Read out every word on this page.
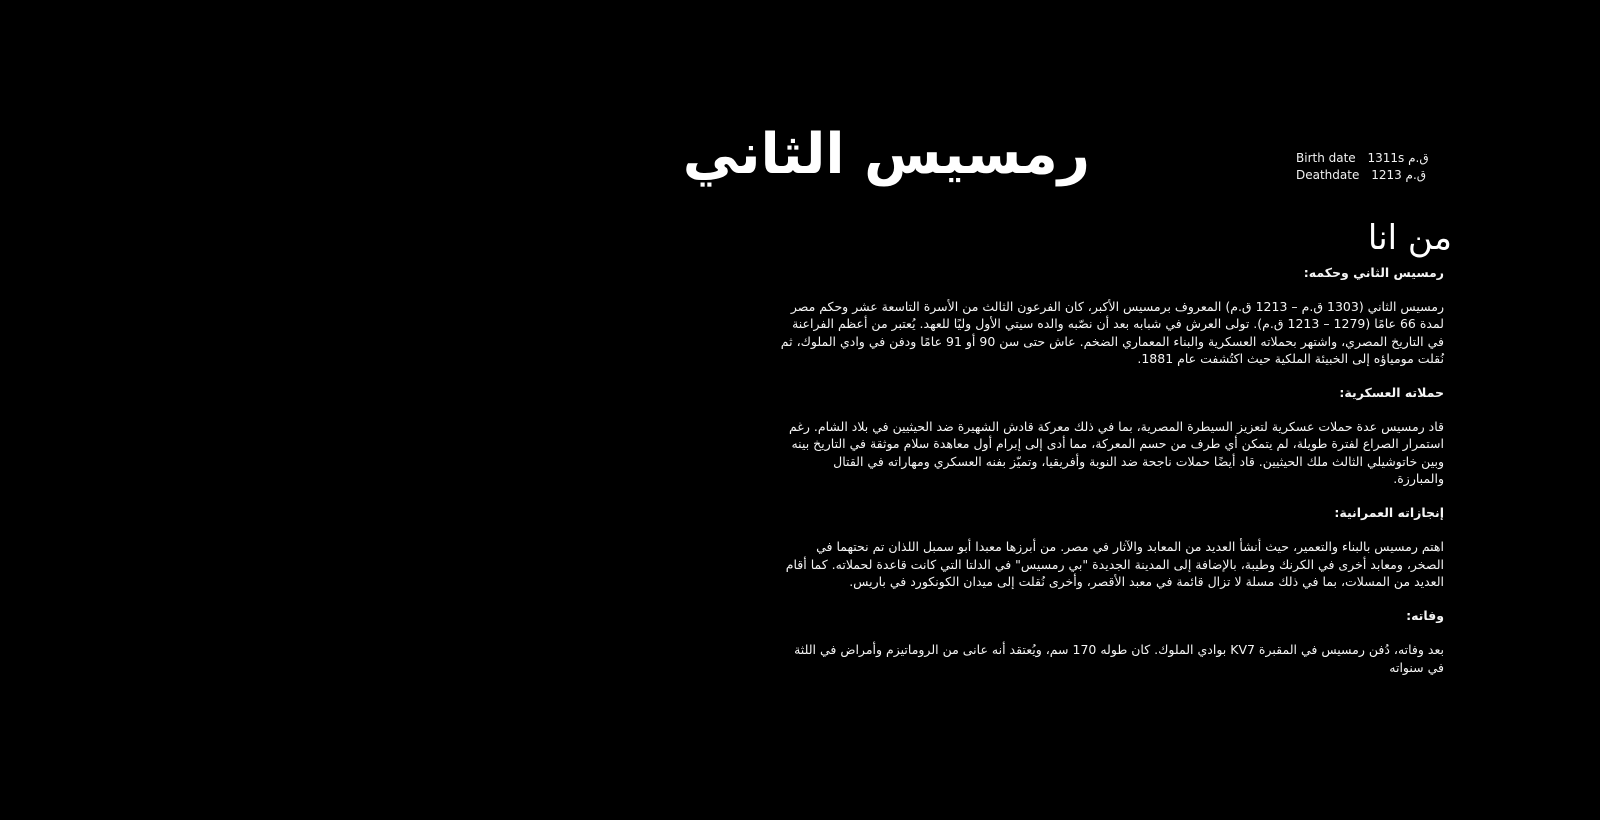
رمسيس الثاني	Birth date 1311s ق.م
Deathdate 1213 ق.م
من انا
رمسيس الثاني وحكمه:

رمسيس الثاني (1303 ق.م – 1213 ق.م) المعروف برمسيس الأكبر، كان الفرعون الثالث من الأسرة التاسعة عشر وحكم مصر لمدة 66 عامًا (1279 – 1213 ق.م). تولى العرش في شبابه بعد أن نصّبه والده سيتي الأول وليًا للعهد. يُعتبر من أعظم الفراعنة في التاريخ المصري، واشتهر بحملاته العسكرية والبناء المعماري الضخم. عاش حتى سن 90 أو 91 عامًا ودفن في وادي الملوك، ثم نُقلت مومياؤه إلى الخبيئة الملكية حيث اكتُشفت عام 1881.

حملاته العسكرية:

قاد رمسيس عدة حملات عسكرية لتعزيز السيطرة المصرية، بما في ذلك معركة قادش الشهيرة ضد الحيثيين في بلاد الشام. رغم استمرار الصراع لفترة طويلة، لم يتمكن أي طرف من حسم المعركة، مما أدى إلى إبرام أول معاهدة سلام موثقة في التاريخ بينه وبين خاتوشيلي الثالث ملك الحيثيين. قاد أيضًا حملات ناجحة ضد النوبة وأفريقيا، وتميّز بفنه العسكري ومهاراته في القتال والمبارزة.

إنجازاته العمرانية:

اهتم رمسيس بالبناء والتعمير، حيث أنشأ العديد من المعابد والآثار في مصر. من أبرزها معبدا أبو سمبل اللذان تم نحتهما في الصخر، ومعابد أخرى في الكرنك وطيبة، بالإضافة إلى المدينة الجديدة "بي رمسيس" في الدلتا التي كانت قاعدة لحملاته. كما أقام العديد من المسلات، بما في ذلك مسلة لا تزال قائمة في معبد الأقصر، وأخرى نُقلت إلى ميدان الكونكورد في باريس.

وفاته:

بعد وفاته، دُفن رمسيس في المقبرة KV7 بوادي الملوك. كان طوله 170 سم، ويُعتقد أنه عانى من الروماتيزم وأمراض في اللثة في سنواته
